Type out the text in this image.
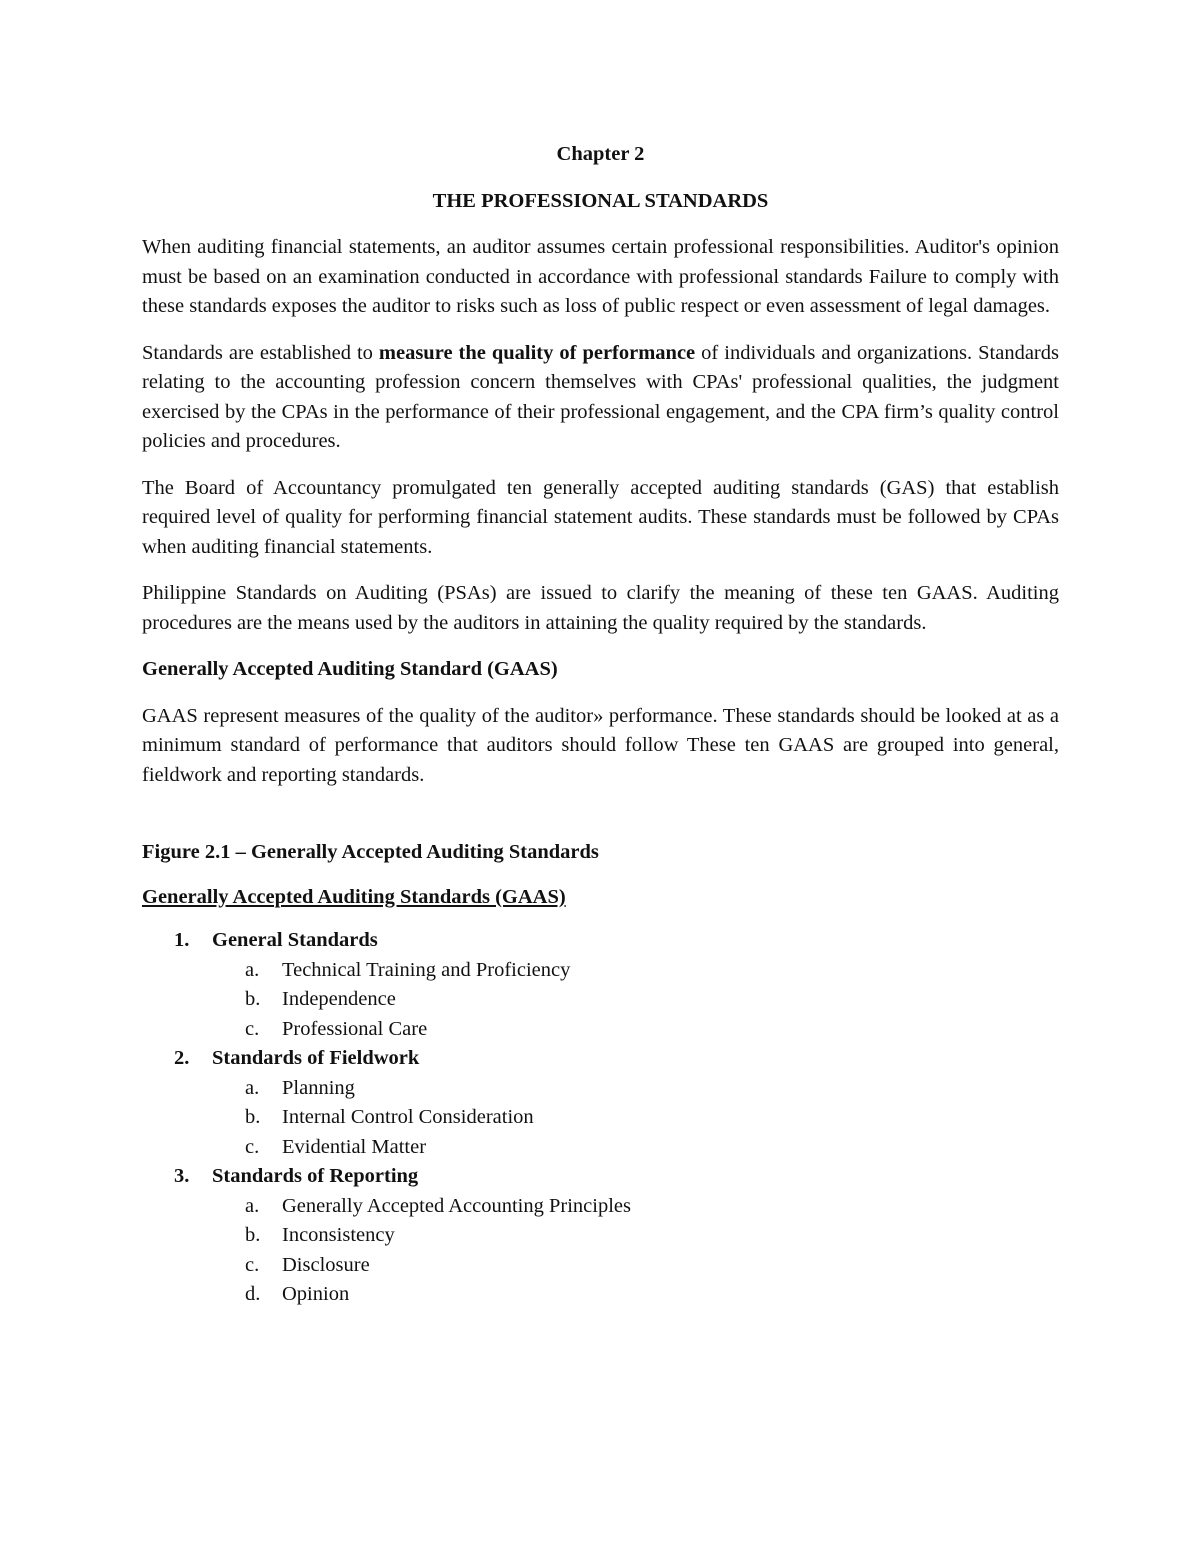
Chapter 2
THE PROFESSIONAL STANDARDS

When auditing financial statements, an auditor assumes certain professional responsibilities. Auditor's opinion must be based on an examination conducted in accordance with professional standards Failure to comply with these standards exposes the auditor to risks such as loss of public respect or even assessment of legal damages.

Standards are established to measure the quality of performance of individuals and organizations. Standards relating to the accounting profession concern themselves with CPAs' professional qualities, the judgment exercised by the CPAs in the performance of their professional engagement, and the CPA firm’s quality control policies and procedures.

The Board of Accountancy promulgated ten generally accepted auditing standards (GAS) that establish required level of quality for performing financial statement audits. These standards must be followed by CPAs when auditing financial statements.

Philippine Standards on Auditing (PSAs) are issued to clarify the meaning of these ten GAAS. Auditing procedures are the means used by the auditors in attaining the quality required by the standards.

Generally Accepted Auditing Standard (GAAS)

GAAS represent measures of the quality of the auditor» performance. These standards should be looked at as a minimum standard of performance that auditors should follow These ten GAAS are grouped into general, fieldwork and reporting standards.

Figure 2.1 – Generally Accepted Auditing Standards
Generally Accepted Auditing Standards (GAAS)
1. General Standards
a. Technical Training and Proficiency
b. Independence
c. Professional Care
2. Standards of Fieldwork
a. Planning
b. Internal Control Consideration
c. Evidential Matter
3. Standards of Reporting
a. Generally Accepted Accounting Principles
b. Inconsistency
c. Disclosure
d. Opinion
